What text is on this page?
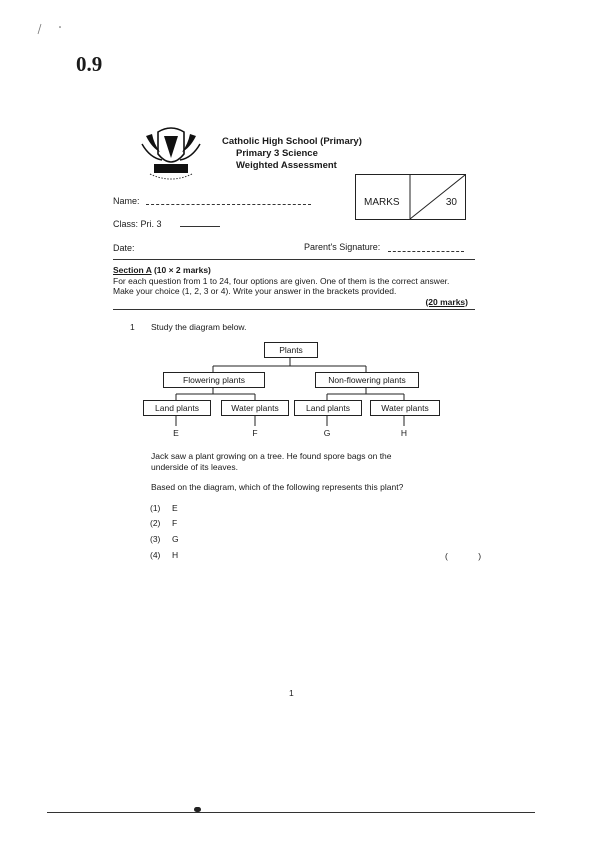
0.9
Catholic High School (Primary)
Primary 3 Science
Weighted Assessment
Name:
Class: Pri. 3
MARKS	30
Date:	Parent's Signature:
Section A (10 × 2 marks)
For each question from 1 to 24, four options are given. One of them is the correct answer. Make your choice (1, 2, 3 or 4). Write your answer in the brackets provided.
(20 marks)
1 Study the diagram below.
Plants
Flowering plants	Non-flowering plants
Land plants	Water plants	Land plants	Water plants
E	F	G	H
Jack saw a plant growing on a tree. He found spore bags on the underside of its leaves.
Based on the diagram, which of the following represents this plant?
(1) E
(2) F
(3) G
(4) H	( )
1
